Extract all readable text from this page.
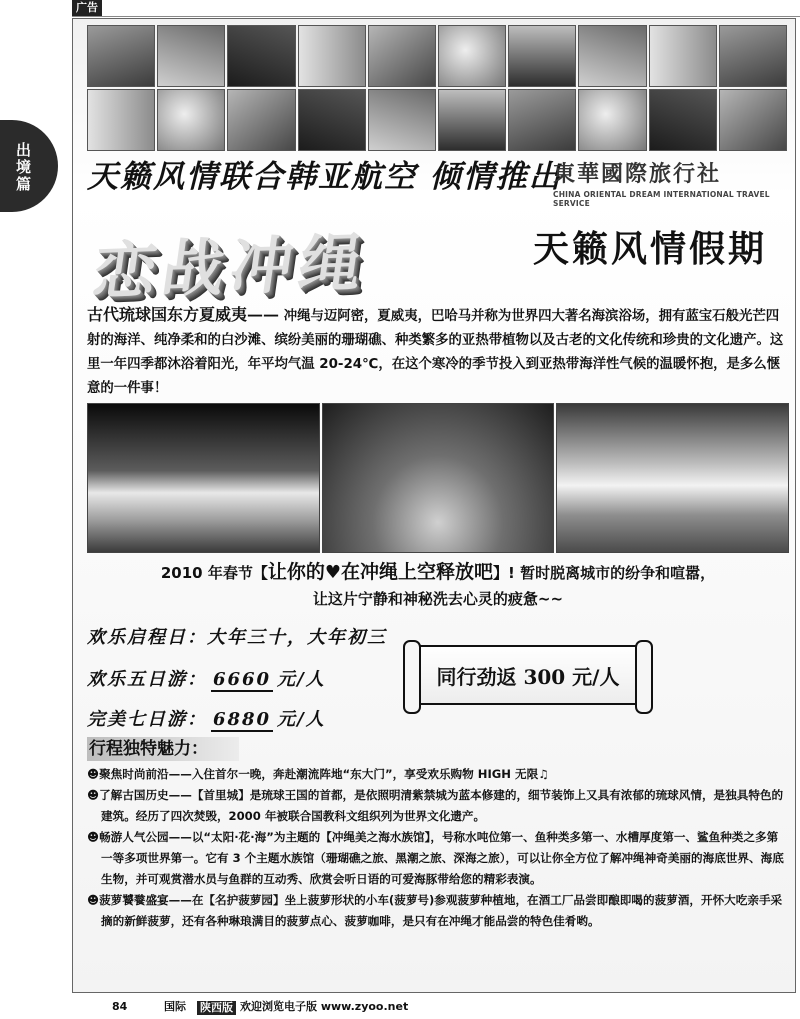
广告
出境篇 天籁风情联合韩亚航空 倾情推出
東華國際旅行社
CHINA ORIENTAL DREAM INTERNATIONAL TRAVEL SERVICE
恋战冲绳	天籁风情假期
古代琉球国东方夏威夷—— 冲绳与迈阿密，夏威夷，巴哈马并称为世界四大著名海滨浴场，拥有蓝宝石般光芒四射的海洋、纯净柔和的白沙滩、缤纷美丽的珊瑚礁、种类繁多的亚热带植物以及古老的文化传统和珍贵的文化遗产。这里一年四季都沐浴着阳光，年平均气温 20-24℃，在这个寒冷的季节投入到亚热带海洋性气候的温暖怀抱，是多么惬意的一件事！
2010 年春节【让你的♥在冲绳上空释放吧】! 暂时脱离城市的纷争和喧嚣，
让这片宁静和神秘洗去心灵的疲惫~~
欢乐启程日：大年三十，大年初三
欢乐五日游： 6660 元/人
完美七日游： 6880 元/人
同行劲返 300 元/人
行程独特魅力：
☻聚焦时尚前沿——入住首尔一晚，奔赴潮流阵地“东大门”，享受欢乐购物 HIGH 无限♫
☻了解古国历史——【首里城】是琉球王国的首都，是依照明清紫禁城为蓝本修建的，细节装饰上又具有浓郁的琉球风情，是独具特色的建筑。经历了四次焚毁，2000 年被联合国教科文组织列为世界文化遗产。
☻畅游人气公园——以“太阳·花·海”为主题的【冲绳美之海水族馆】，号称水吨位第一、鱼种类多第一、水槽厚度第一、鲨鱼种类之多第一等多项世界第一。它有 3 个主题水族馆（珊瑚礁之旅、黑潮之旅、深海之旅），可以让你全方位了解冲绳神奇美丽的海底世界、海底生物，并可观赏潜水员与鱼群的互动秀、欣赏会听日语的可爱海豚带给您的精彩表演。
☻菠萝饕餮盛宴——在【名护菠萝园】坐上菠萝形状的小车(菠萝号)参观菠萝种植地，在酒工厂品尝即酿即喝的菠萝酒，开怀大吃亲手采摘的新鲜菠萝，还有各种琳琅满目的菠萝点心、菠萝咖啡，是只有在冲绳才能品尝的特色佳肴哟。
84	国际 陕西版 欢迎浏览电子版 www.zyoo.net
